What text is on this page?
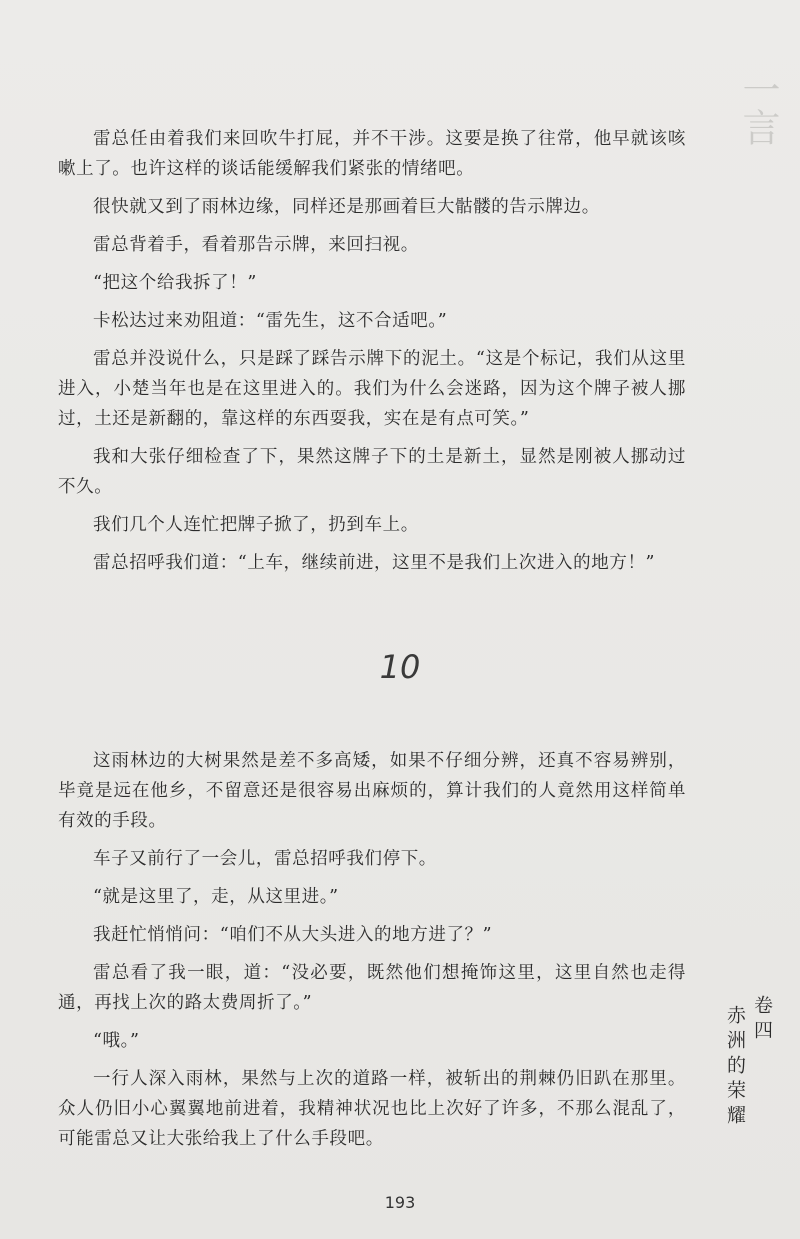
一言

雷总任由着我们来回吹牛打屁，并不干涉。这要是换了往常，他早就该咳嗽上了。也许这样的谈话能缓解我们紧张的情绪吧。

很快就又到了雨林边缘，同样还是那画着巨大骷髅的告示牌边。

雷总背着手，看着那告示牌，来回扫视。

“把这个给我拆了！”

卡松达过来劝阻道：“雷先生，这不合适吧。”

雷总并没说什么，只是踩了踩告示牌下的泥土。“这是个标记，我们从这里进入，小楚当年也是在这里进入的。我们为什么会迷路，因为这个牌子被人挪过，土还是新翻的，靠这样的东西耍我，实在是有点可笑。”

我和大张仔细检查了下，果然这牌子下的土是新土，显然是刚被人挪动过不久。

我们几个人连忙把牌子掀了，扔到车上。

雷总招呼我们道：“上车，继续前进，这里不是我们上次进入的地方！”

10

这雨林边的大树果然是差不多高矮，如果不仔细分辨，还真不容易辨别，毕竟是远在他乡，不留意还是很容易出麻烦的，算计我们的人竟然用这样简单有效的手段。

车子又前行了一会儿，雷总招呼我们停下。

“就是这里了，走，从这里进。”

我赶忙悄悄问：“咱们不从大头进入的地方进了？”

雷总看了我一眼，道：“没必要，既然他们想掩饰这里，这里自然也走得通，再找上次的路太费周折了。”

“哦。”

一行人深入雨林，果然与上次的道路一样，被斩出的荆棘仍旧趴在那里。众人仍旧小心翼翼地前进着，我精神状况也比上次好了许多，不那么混乱了，可能雷总又让大张给我上了什么手段吧。

卷四
赤洲的荣耀
193
